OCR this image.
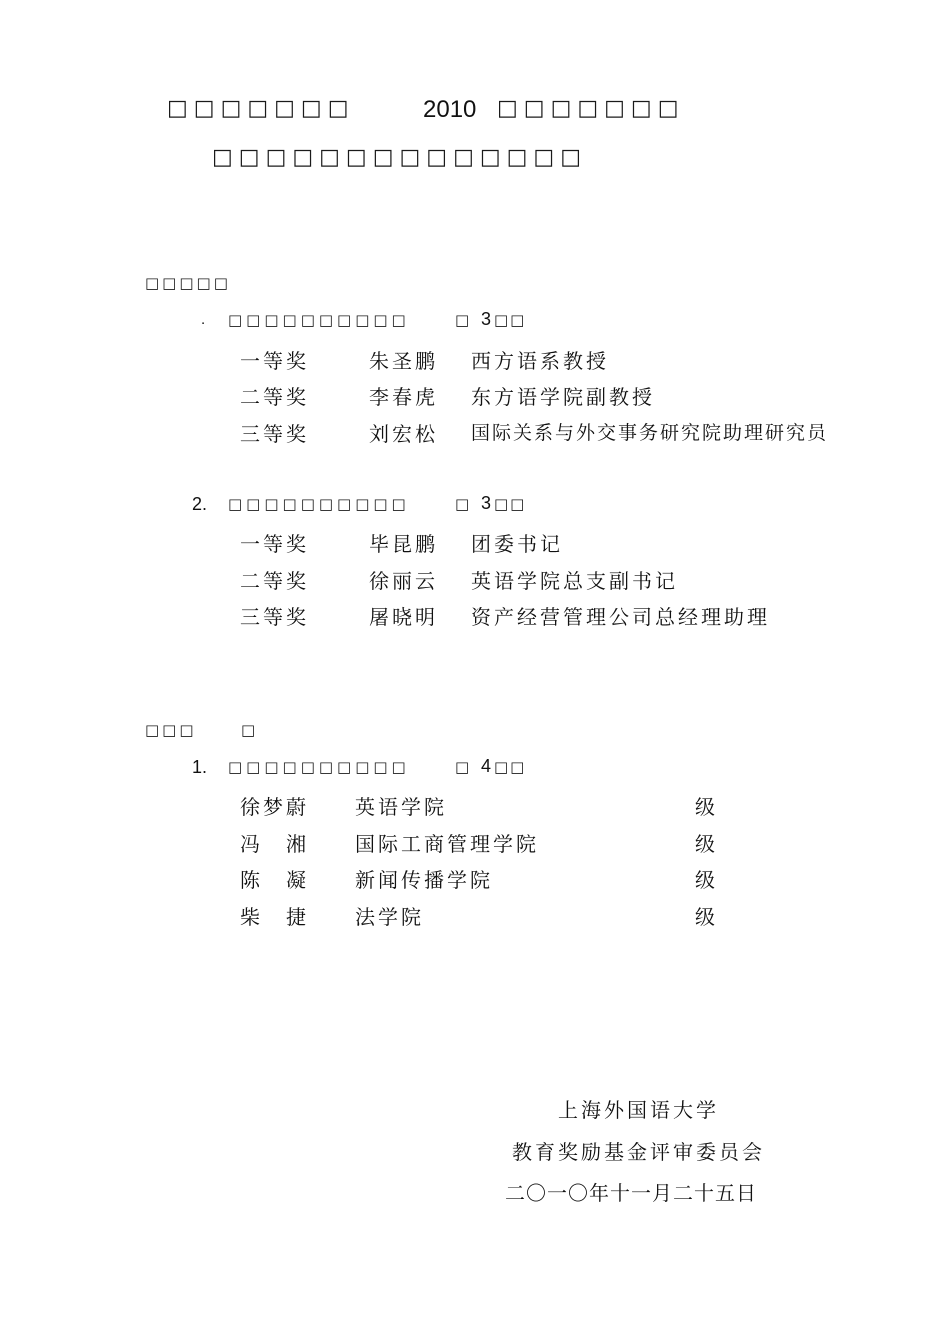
□□□□□□□	2010 □□□□□□□
□□□□□□□□□□□□□□
□□□□□
. □□□□□□□□□□	□ 3 □□
一等奖	朱圣鹏 西方语系教授
二等奖	李春虎 东方语学院副教授
三等奖	刘宏松 国际关系与外交事务研究院助理研究员
2. □□□□□□□□□□	□ 3 □□
一等奖	毕昆鹏 团委书记
二等奖	徐丽云 英语学院总支副书记
三等奖	屠晓明 资产经营管理公司总经理助理
□□□	□
1. □□□□□□□□□□	□ 4 □□
徐梦蔚 英语学院	级
冯　湘 国际工商管理学院	级
陈　凝 新闻传播学院	级
柴　捷 法学院	级
上海外国语大学
教育奖励基金评审委员会
二〇一〇年十一月二十五日
